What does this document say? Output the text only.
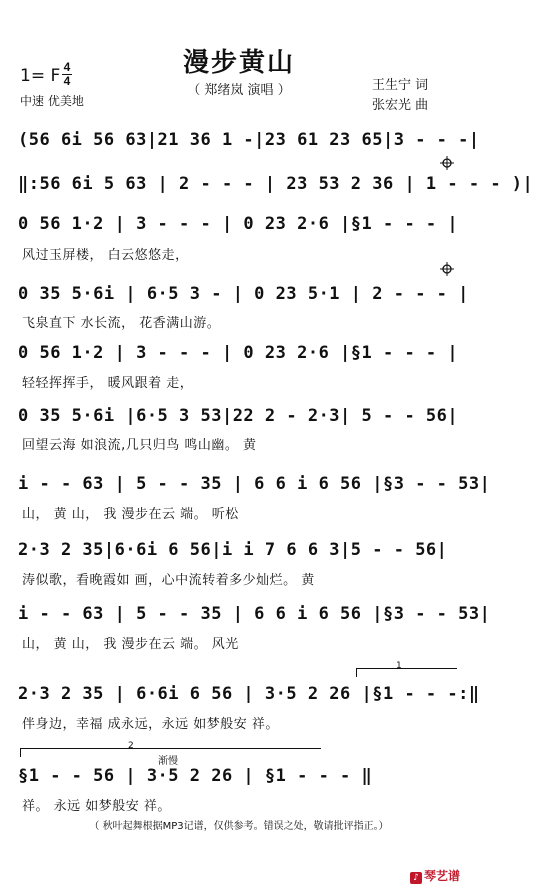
漫步黄山
（ 郑绪岚 演唱 ）
1= F 4
4
中速 优美地
王生宁 词
张宏光 曲
(56 6i 56 63|21 36 1 -|23 61 23 65|3 - - -|
‖:56 6i 5 63 | 2 - - - | 23 53 2 36 | 1 - - - )|
0 56 1·2 | 3 - - - | 0 23 2·6 |§1 - - - |
风过玉屏楼， 白云悠悠走，
0 35 5·6i | 6·5 3 - | 0 23 5·1 | 2 - - - |
飞泉直下 水长流， 花香满山游。
0 56 1·2 | 3 - - - | 0 23 2·6 |§1 - - - |
轻轻挥挥手， 暖风跟着 走，
0 35 5·6i |6·5 3 53|22 2 - 2·3| 5 - - 56|
回望云海 如浪流,几只归鸟 鸣山幽。 黄
i - - 63 | 5 - - 35 | 6 6 i 6 56 |§3 - - 53|
山， 黄 山， 我 漫步在云 端。 听松
2·3 2 35|6·6i 6 56|i i 7 6 6 3|5 - - 56|
涛似歌，看晚霞如 画，心中流转着多少灿烂。 黄
i - - 63 | 5 - - 35 | 6 6 i 6 56 |§3 - - 53|
山， 黄 山， 我 漫步在云 端。 风光
1
2·3 2 35 | 6·6i 6 56 | 3·5 2 26 |§1 - - -:‖
伴身边，幸福 成永远，永远 如梦般安 祥。
2
渐慢
§1 - - 56 | 3·5 2 26 | §1 - - - ‖
祥。 永远 如梦般安 祥。
（ 秋叶起舞根据MP3记谱，仅供参考。错误之处，敬请批评指正。）
♪ 琴艺谱
